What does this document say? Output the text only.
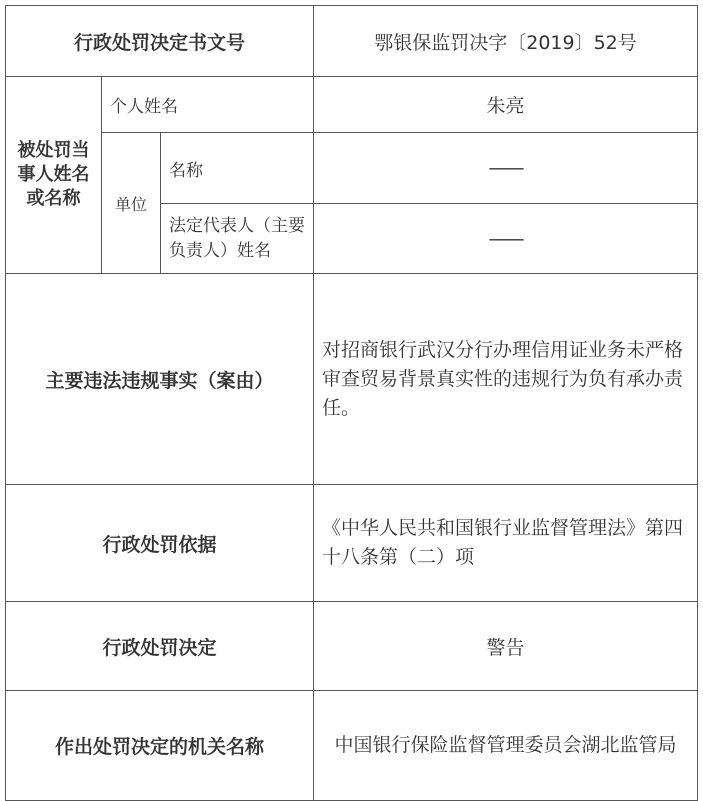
行政处罚决定书文号			鄂银保监罚决字〔2019〕52号
被处罚当事人姓名或名称	个人姓名		朱亮
	单位	名称	——
		法定代表人（主要负责人）姓名	——
主要违法违规事实（案由）			对招商银行武汉分行办理信用证业务未严格审查贸易背景真实性的违规行为负有承办责任。
行政处罚依据			《中华人民共和国银行业监督管理法》第四十八条第（二）项
行政处罚决定			警告
作出处罚决定的机关名称			中国银行保险监督管理委员会湖北监管局
